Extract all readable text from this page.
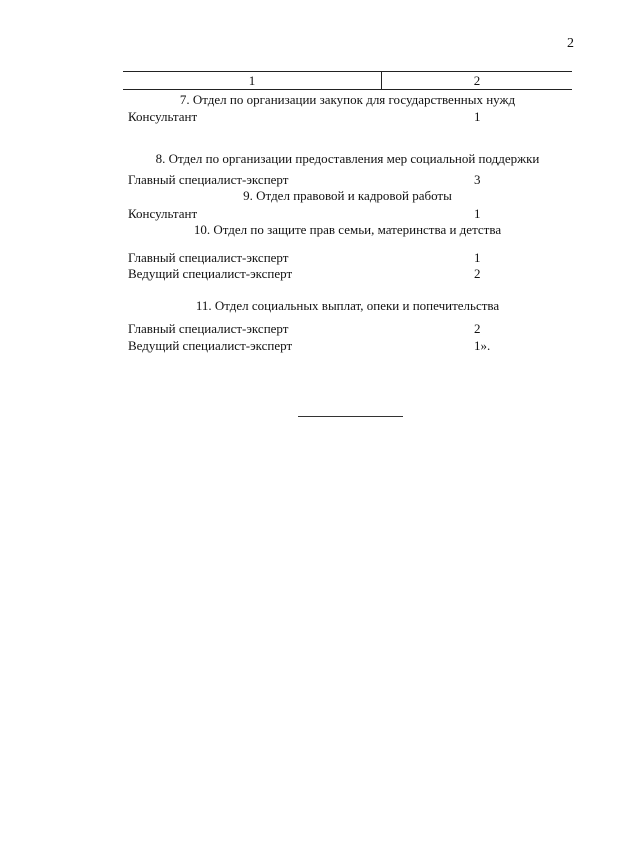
2
1	2
7. Отдел по организации закупок для государственных нужд
Консультант	1
8. Отдел по организации предоставления мер социальной поддержки
Главный специалист-эксперт	3
9. Отдел правовой и кадровой работы
Консультант	1
10. Отдел по защите прав семьи, материнства и детства
Главный специалист-эксперт	1
Ведущий специалист-эксперт	2
11. Отдел социальных выплат, опеки и попечительства
Главный специалист-эксперт	2
Ведущий специалист-эксперт	1».
